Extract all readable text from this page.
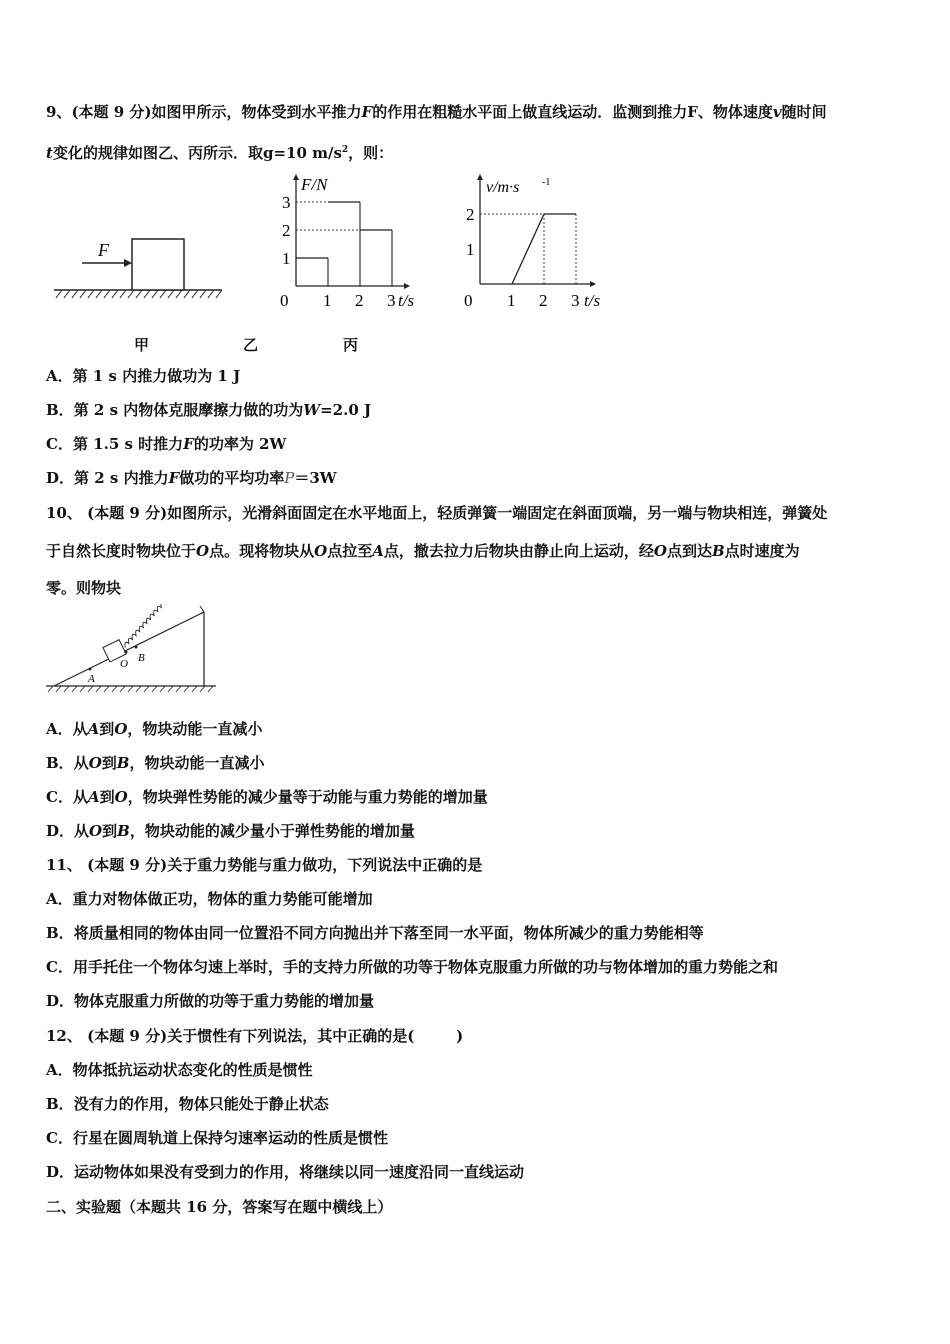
9、(本题 9 分)如图甲所示，物体受到水平推力F的作用在粗糙水平面上做直线运动．监测到推力F、物体速度v随时间
t变化的规律如图乙、丙所示．取g=10 $m/s^2$，则：
F	1
2
3
1 2 3
0
F/N
t/s
1
2
1 2 3
0
v/m·s -1
t/s
甲	乙	丙
A．第 1 s 内推力做功为 1 J
B．第 2 s 内物体克服摩擦力做的功为W=2.0 J
C．第 1.5 s 时推力F的功率为 2W
D．第 2 s 内推力F做功的平均功率P＝3W
10、 (本题 9 分)如图所示，光滑斜面固定在水平地面上，轻质弹簧一端固定在斜面顶端，另一端与物块相连，弹簧处
于自然长度时物块位于O点。现将物块从O点拉至A点，撤去拉力后物块由静止向上运动，经O点到达B点时速度为
零。则物块
A
O B
A．从A到O，物块动能一直减小
B．从O到B，物块动能一直减小
C．从A到O，物块弹性势能的减少量等于动能与重力势能的增加量
D．从O到B，物块动能的减少量小于弹性势能的增加量
11、 (本题 9 分)关于重力势能与重力做功，下列说法中正确的是
A．重力对物体做正功，物体的重力势能可能增加
B．将质量相同的物体由同一位置沿不同方向抛出并下落至同一水平面，物体所减少的重力势能相等
C．用手托住一个物体匀速上举时，手的支持力所做的功等于物体克服重力所做的功与物体增加的重力势能之和
D．物体克服重力所做的功等于重力势能的增加量
12、 (本题 9 分)关于惯性有下列说法，其中正确的是(        )
A．物体抵抗运动状态变化的性质是惯性
B．没有力的作用，物体只能处于静止状态
C．行星在圆周轨道上保持匀速率运动的性质是惯性
D．运动物体如果没有受到力的作用，将继续以同一速度沿同一直线运动
二、实验题（本题共 16 分，答案写在题中横线上）
